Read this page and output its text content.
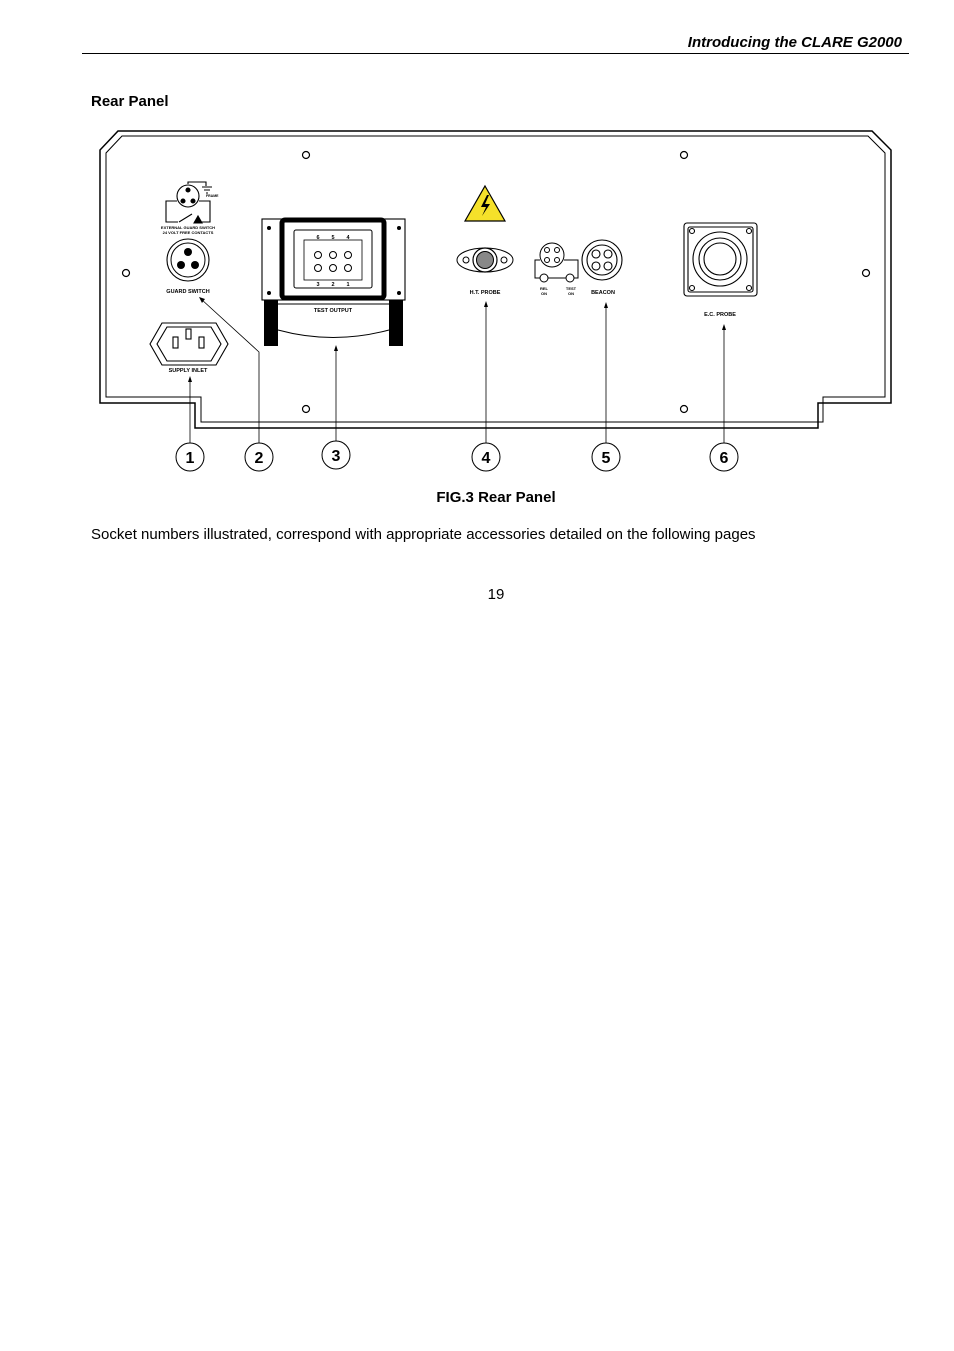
Introducing the CLARE G2000
Rear Panel
FRAME
EXTERNAL GUARD SWITCH
24 VOLT FREE CONTACTS
GUARD SWITCH
SUPPLY INLET
6 5 4
3 2 1
TEST OUTPUT
H.T. PROBE
REL
ON
TEST
ON	BEACON
E.C. PROBE
1	2	3	4	5	6
FIG.3 Rear Panel
Socket numbers illustrated, correspond with appropriate accessories detailed on the following pages
19
